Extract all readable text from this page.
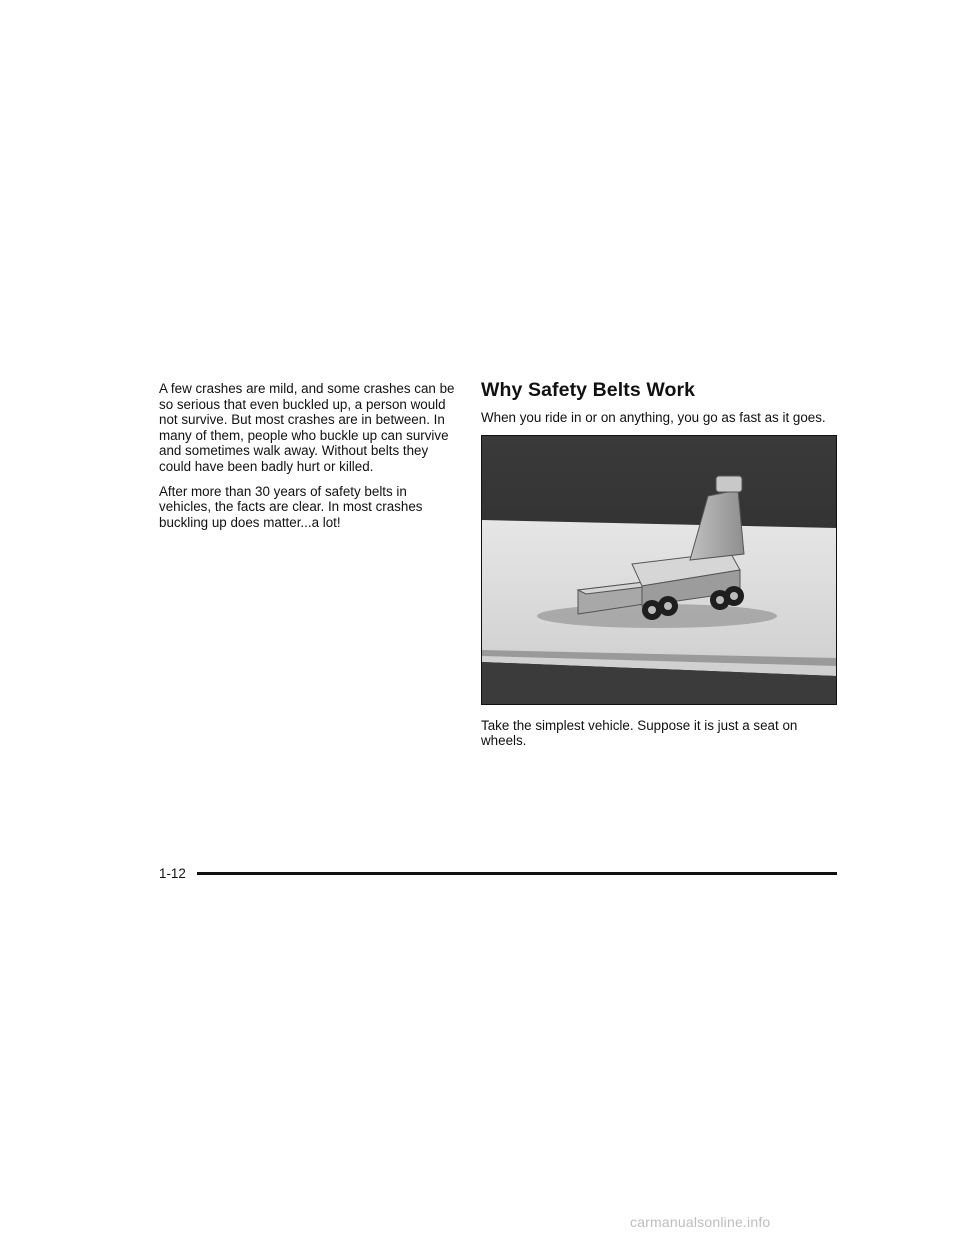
A few crashes are mild, and some crashes can be so serious that even buckled up, a person would not survive. But most crashes are in between. In many of them, people who buckle up can survive and sometimes walk away. Without belts they could have been badly hurt or killed.

After more than 30 years of safety belts in vehicles, the facts are clear. In most crashes buckling up does matter...a lot!

Why Safety Belts Work

When you ride in or on anything, you go as fast as it goes.

Take the simplest vehicle. Suppose it is just a seat on wheels.

1-12
carmanualsonline.info
